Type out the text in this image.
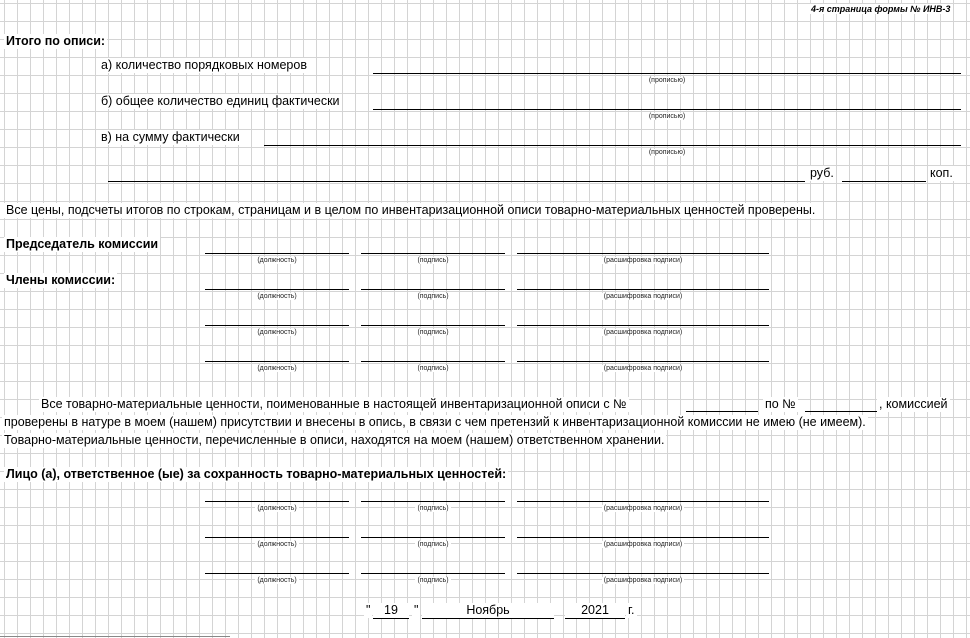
4-я страница формы № ИНВ-3
Итого по описи:
а) количество порядковых номеров
(прописью)
б) общее количество единиц фактически
(прописью)
в) на сумму фактически
(прописью)
руб.	коп.
Все цены, подсчеты итогов по строкам, страницам и в целом по инвентаризационной описи товарно-материальных ценностей проверены.
Председатель комиссии
(должность)	(подпись)	(расшифровка подписи)
Члены комиссии:
(должность)	(подпись)	(расшифровка подписи)
(должность)	(подпись)	(расшифровка подписи)
(должность)	(подпись)	(расшифровка подписи)
Все товарно-материальные ценности, поименованные в настоящей инвентаризационной описи с №	по №	, комиссией
проверены в натуре в моем (нашем) присутствии и внесены в опись, в связи с чем претензий к инвентаризационной комиссии не имею (не имеем).
Товарно-материальные ценности, перечисленные в описи, находятся на моем (нашем) ответственном хранении.
Лицо (а), ответственное (ые) за сохранность товарно-материальных ценностей:
(должность)	(подпись)	(расшифровка подписи)
(должность)	(подпись)	(расшифровка подписи)
(должность)	(подпись)	(расшифровка подписи)
"	19	"	Ноябрь	2021	г.
